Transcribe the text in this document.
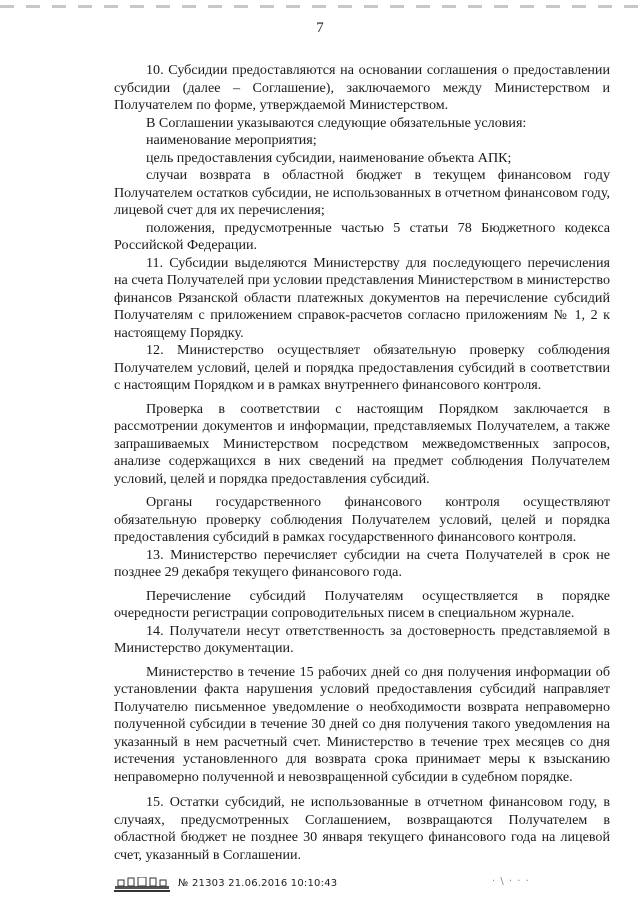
7

10. Субсидии предоставляются на основании соглашения о предоставлении субсидии (далее – Соглашение), заключаемого между Министерством и Получателем по форме, утверждаемой Министерством.

В Соглашении указываются следующие обязательные условия:

наименование мероприятия;

цель предоставления субсидии, наименование объекта АПК;

случаи возврата в областной бюджет в текущем финансовом году Получателем остатков субсидии, не использованных в отчетном финансовом году, лицевой счет для их перечисления;

положения, предусмотренные частью 5 статьи 78 Бюджетного кодекса Российской Федерации.

11. Субсидии выделяются Министерству для последующего перечисления на счета Получателей при условии представления Министерством в министерство финансов Рязанской области платежных документов на перечисление субсидий Получателям с приложением справок-расчетов согласно приложениям № 1, 2 к настоящему Порядку.

12. Министерство осуществляет обязательную проверку соблюдения Получателем условий, целей и порядка предоставления субсидий в соответствии с настоящим Порядком и в рамках внутреннего финансового контроля.

Проверка в соответствии с настоящим Порядком заключается в рассмотрении документов и информации, представляемых Получателем, а также запрашиваемых Министерством посредством межведомственных запросов, анализе содержащихся в них сведений на предмет соблюдения Получателем условий, целей и порядка предоставления субсидий.

Органы государственного финансового контроля осуществляют обязательную проверку соблюдения Получателем условий, целей и порядка предоставления субсидий в рамках государственного финансового контроля.

13. Министерство перечисляет субсидии на счета Получателей в срок не позднее 29 декабря текущего финансового года.

Перечисление субсидий Получателям осуществляется в порядке очередности регистрации сопроводительных писем в специальном журнале.

14. Получатели несут ответственность за достоверность представляемой в Министерство документации.

Министерство в течение 15 рабочих дней со дня получения информации об установлении факта нарушения условий предоставления субсидий направляет Получателю письменное уведомление о необходимости возврата неправомерно полученной субсидии в течение 30 дней со дня получения такого уведомления на указанный в нем расчетный счет. Министерство в течение трех месяцев со дня истечения установленного для возврата срока принимает меры к взысканию неправомерно полученной и невозвращенной субсидии в судебном порядке.

15. Остатки субсидий, не использованные в отчетном финансовом году, в случаях, предусмотренных Соглашением, возвращаются Получателем в областной бюджет не позднее 30 января текущего финансового года на лицевой счет, указанный в Соглашении.

№ 21303 21.06.2016 10:10:43	· \ · · ·
